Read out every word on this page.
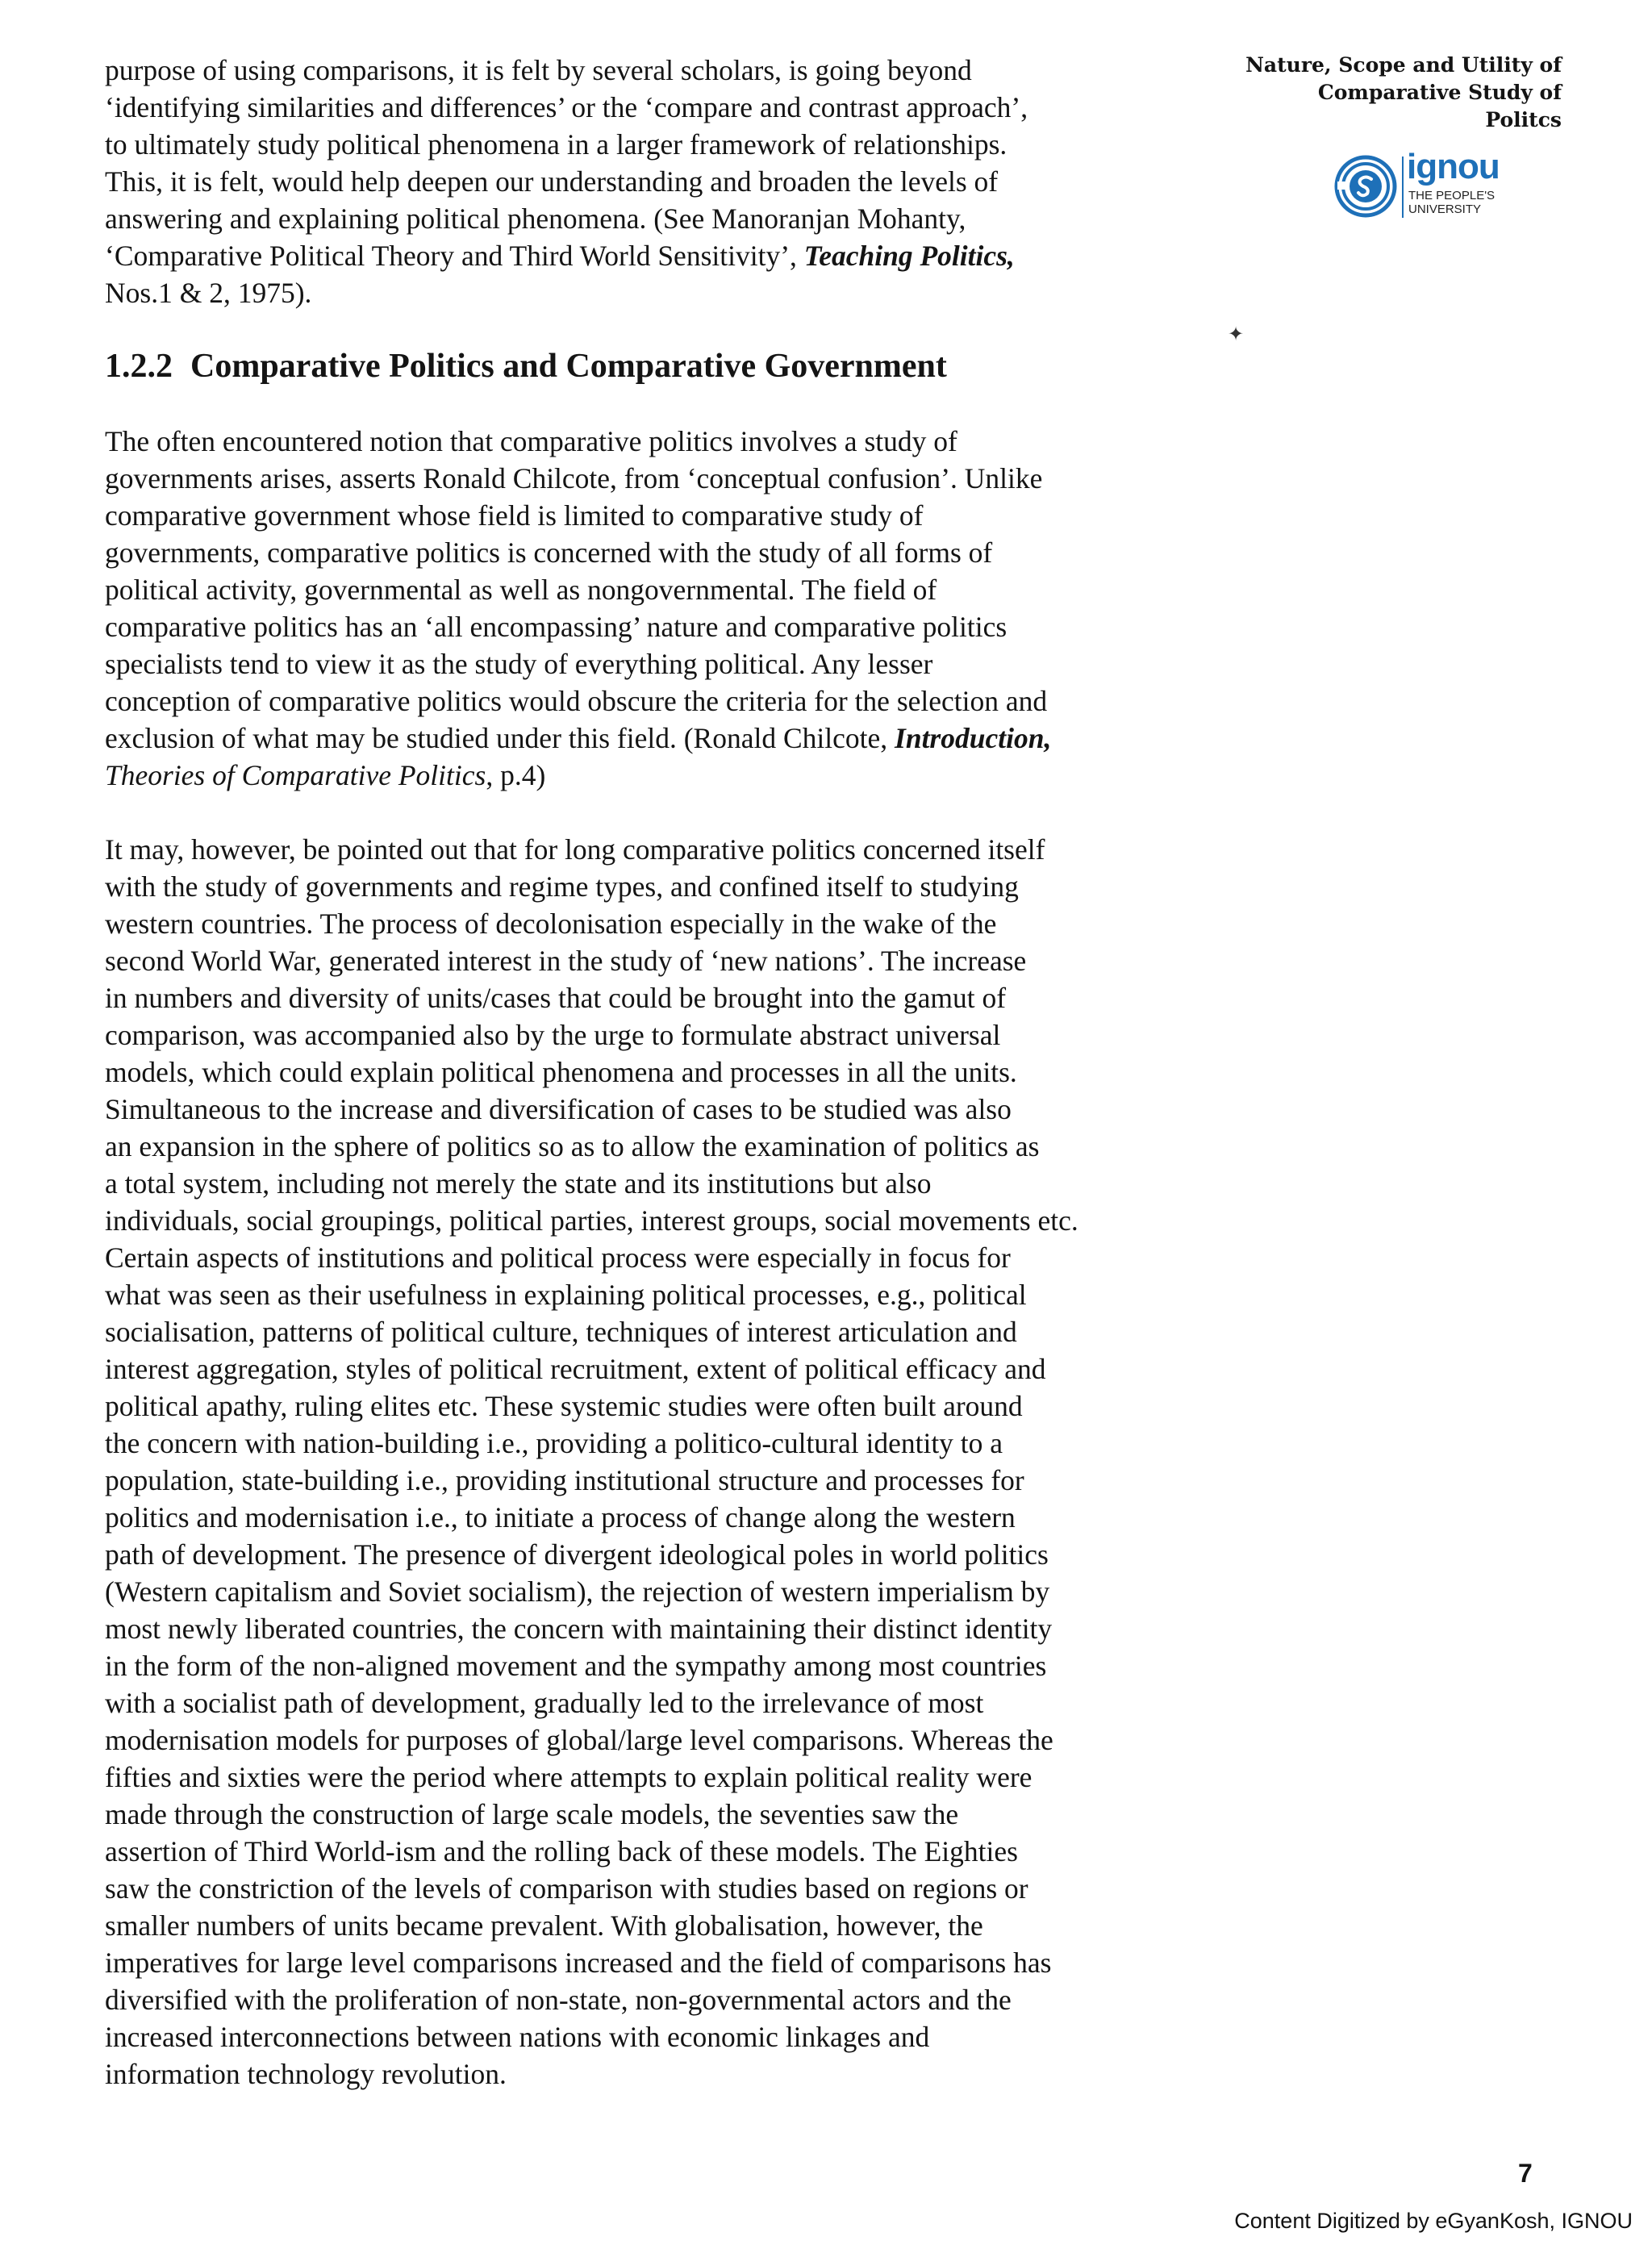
Nature, Scope and Utility of
Comparative Study of
Politcs
ignou
THE PEOPLE'S
UNIVERSITY
✦

purpose of using comparisons, it is felt by several scholars, is going beyond
‘identifying similarities and differences’ or the ‘compare and contrast approach’,
to ultimately study political phenomena in a larger framework of relationships.
This, it is felt, would help deepen our understanding and broaden the levels of
answering and explaining political phenomena. (See Manoranjan Mohanty,
‘Comparative Political Theory and Third World Sensitivity’, Teaching Politics,
Nos.1 & 2, 1975).

1.2.2 Comparative Politics and Comparative Government

The often encountered notion that comparative politics involves a study of
governments arises, asserts Ronald Chilcote, from ‘conceptual confusion’. Unlike
comparative government whose field is limited to comparative study of
governments, comparative politics is concerned with the study of all forms of
political activity, governmental as well as nongovernmental. The field of
comparative politics has an ‘all encompassing’ nature and comparative politics
specialists tend to view it as the study of everything political. Any lesser
conception of comparative politics would obscure the criteria for the selection and
exclusion of what may be studied under this field. (Ronald Chilcote, Introduction,
Theories of Comparative Politics, p.4)

It may, however, be pointed out that for long comparative politics concerned itself
with the study of governments and regime types, and confined itself to studying
western countries. The process of decolonisation especially in the wake of the
second World War, generated interest in the study of ‘new nations’. The increase
in numbers and diversity of units/cases that could be brought into the gamut of
comparison, was accompanied also by the urge to formulate abstract universal
models, which could explain political phenomena and processes in all the units.
Simultaneous to the increase and diversification of cases to be studied was also
an expansion in the sphere of politics so as to allow the examination of politics as
a total system, including not merely the state and its institutions but also
individuals, social groupings, political parties, interest groups, social movements etc.
Certain aspects of institutions and political process were especially in focus for
what was seen as their usefulness in explaining political processes, e.g., political
socialisation, patterns of political culture, techniques of interest articulation and
interest aggregation, styles of political recruitment, extent of political efficacy and
political apathy, ruling elites etc. These systemic studies were often built around
the concern with nation-building i.e., providing a politico-cultural identity to a
population, state-building i.e., providing institutional structure and processes for
politics and modernisation i.e., to initiate a process of change along the western
path of development. The presence of divergent ideological poles in world politics
(Western capitalism and Soviet socialism), the rejection of western imperialism by
most newly liberated countries, the concern with maintaining their distinct identity
in the form of the non-aligned movement and the sympathy among most countries
with a socialist path of development, gradually led to the irrelevance of most
modernisation models for purposes of global/large level comparisons. Whereas the
fifties and sixties were the period where attempts to explain political reality were
made through the construction of large scale models, the seventies saw the
assertion of Third World-ism and the rolling back of these models. The Eighties
saw the constriction of the levels of comparison with studies based on regions or
smaller numbers of units became prevalent. With globalisation, however, the
imperatives for large level comparisons increased and the field of comparisons has
diversified with the proliferation of non-state, non-governmental actors and the
increased interconnections between nations with economic linkages and
information technology revolution.

7
Content Digitized by eGyanKosh, IGNOU
